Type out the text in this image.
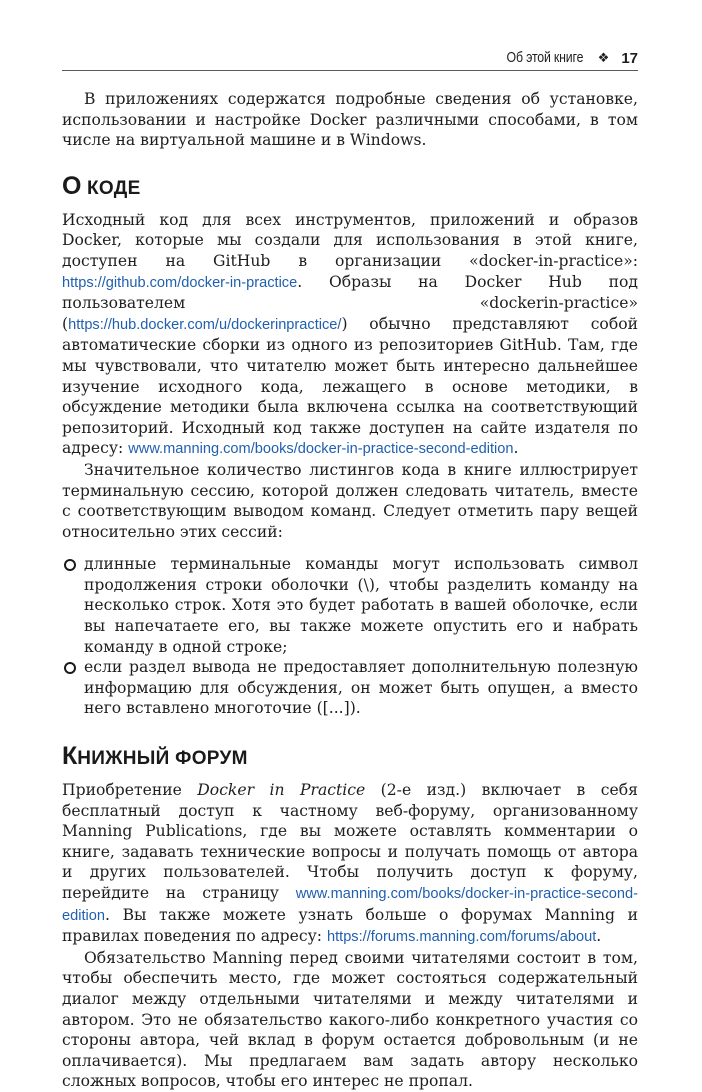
Об этой книге ❖ 17

В приложениях содержатся подробные сведения об установке, использовании и настройке Docker различными способами, в том числе на виртуальной машине и в Windows.

О КОДЕ

Исходный код для всех инструментов, приложений и образов Docker, которые мы создали для использования в этой книге, доступен на GitHub в организации «docker-in-practice»: https://github.com/docker-in-practice. Образы на Docker Hub под пользователем «dockerin-practice» (https://hub.docker.com/u/dockerinpractice/) обычно представляют собой автоматические сборки из одного из репозиториев GitHub. Там, где мы чувствовали, что читателю может быть интересно дальнейшее изучение исходного кода, лежащего в основе методики, в обсуждение методики была включена ссылка на соответствующий репозиторий. Исходный код также доступен на сайте издателя по адресу: www.manning.com/books/docker-in-practice-second-edition.

Значительное количество листингов кода в книге иллюстрирует терминальную сессию, которой должен следовать читатель, вместе с соответствующим выводом команд. Следует отметить пару вещей относительно этих сессий:

длинные терминальные команды могут использовать символ продолжения строки оболочки (\), чтобы разделить команду на несколько строк. Хотя это будет работать в вашей оболочке, если вы напечатаете его, вы также можете опустить его и набрать команду в одной строке;
если раздел вывода не предоставляет дополнительную полезную информацию для обсуждения, он может быть опущен, а вместо него вставлено многоточие ([...]).
КНИЖНЫЙ ФОРУМ

Приобретение Docker in Practice (2-е изд.) включает в себя бесплатный доступ к частному веб-форуму, организованному Manning Publications, где вы можете оставлять комментарии о книге, задавать технические вопросы и получать помощь от автора и других пользователей. Чтобы получить доступ к форуму, перейдите на страницу www.manning.com/books/docker-in-practice-second-edition. Вы также можете узнать больше о форумах Manning и правилах поведения по адресу: https://forums.manning.com/forums/about.

Обязательство Manning перед своими читателями состоит в том, чтобы обеспечить место, где может состояться содержательный диалог между отдельными читателями и между читателями и автором. Это не обязательство какого-либо конкретного участия со стороны автора, чей вклад в форум остается добровольным (и не оплачивается). Мы предлагаем вам задать автору несколько сложных вопросов, чтобы его интерес не пропал.
